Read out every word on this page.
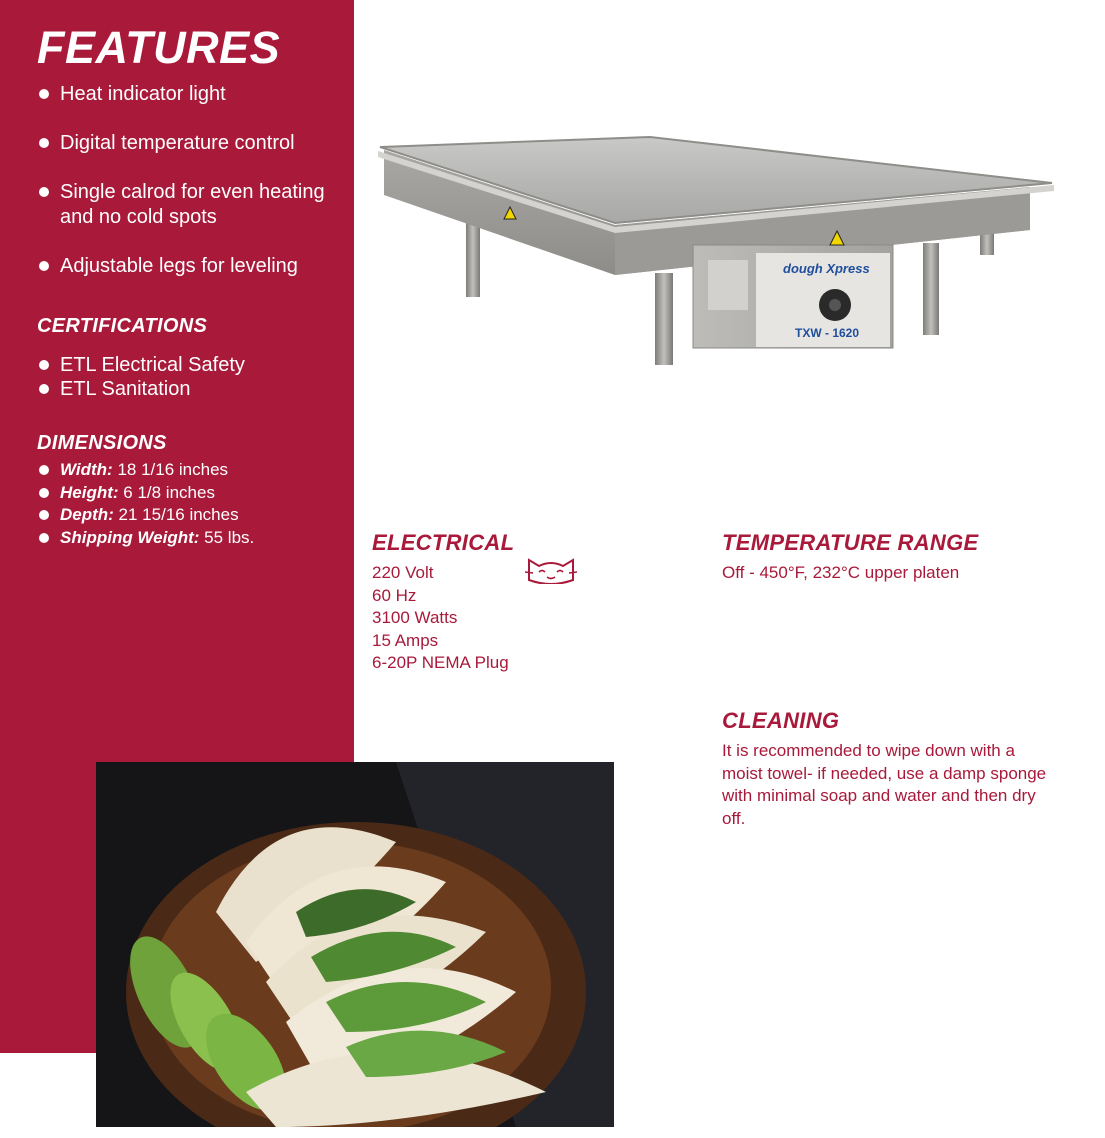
FEATURES
Heat indicator light
Digital temperature control
Single calrod for even heating and no cold spots
Adjustable legs for leveling
CERTIFICATIONS
ETL Electrical Safety
ETL Sanitation
DIMENSIONS
Width: 18 1/16 inches
Height: 6 1/8 inches
Depth: 21 15/16 inches
Shipping Weight: 55 lbs.
dough Xpress
TXW - 1620
ELECTRICAL
220 Volt
60 Hz
3100 Watts
15 Amps
6-20P NEMA Plug
TEMPERATURE RANGE
Off - 450°F, 232°C upper platen
CLEANING
It is recommended to wipe down with a moist towel- if needed, use a damp sponge with minimal soap and water and then dry off.
